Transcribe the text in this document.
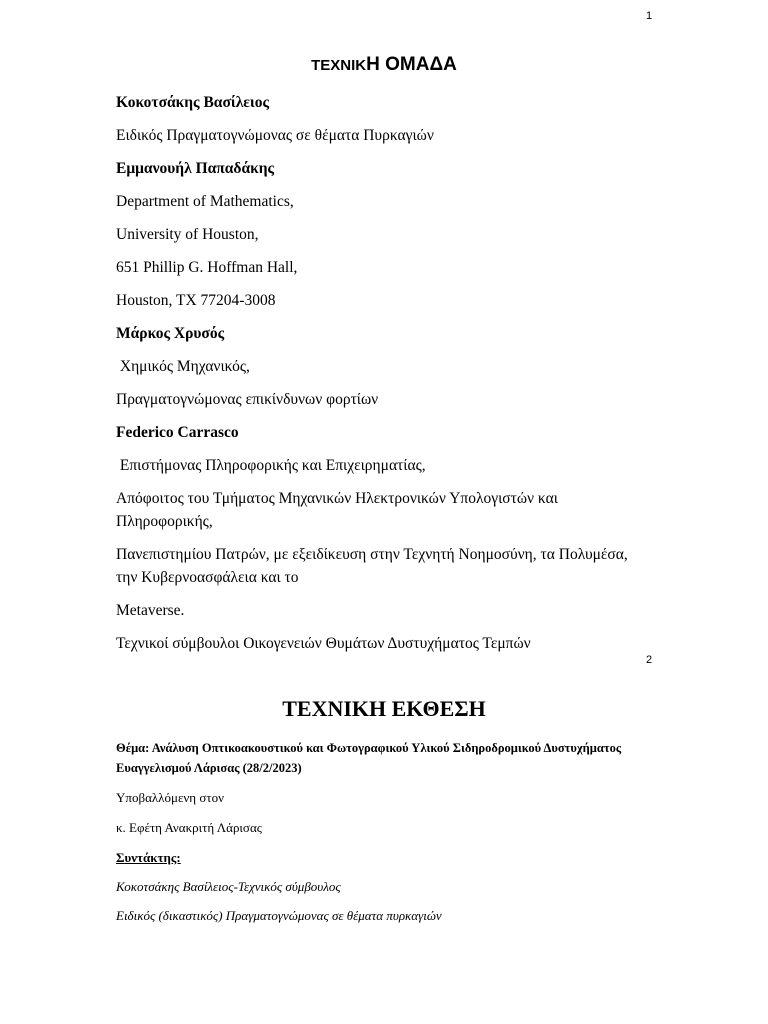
1
ΤΕΧΝΙΚΗ ΟΜΑΔΑ
Κοκοτσάκης Βασίλειος
Ειδικός Πραγματογνώμονας σε θέματα Πυρκαγιών
Εμμανουήλ Παπαδάκης
Department of Mathematics,
University of Houston,
651 Phillip G. Hoffman Hall,
Houston, TX 77204-3008
Μάρκος Χρυσός
Χημικός Μηχανικός,
Πραγματογνώμονας επικίνδυνων φορτίων
Federico Carrasco
Επιστήμονας Πληροφορικής και Επιχειρηματίας,
Απόφοιτος του Τμήματος Μηχανικών Ηλεκτρονικών Υπολογιστών και Πληροφορικής,
Πανεπιστημίου Πατρών, με εξειδίκευση στην Τεχνητή Νοημοσύνη, τα Πολυμέσα, την Κυβερνοασφάλεια και το
Metaverse.
Τεχνικοί σύμβουλοι Οικογενειών Θυμάτων Δυστυχήματος Τεμπών
2
ΤΕΧΝΙΚΗ ΕΚΘΕΣΗ
Θέμα: Ανάλυση Οπτικοακουστικού και Φωτογραφικού Υλικού Σιδηροδρομικού Δυστυχήματος Ευαγγελισμού Λάρισας (28/2/2023)
Υποβαλλόμενη στον
κ. Εφέτη Ανακριτή Λάρισας
Συντάκτης:
Κοκοτσάκης Βασίλειος-Τεχνικός σύμβουλος
Ειδικός (δικαστικός) Πραγματογνώμονας σε θέματα πυρκαγιών
